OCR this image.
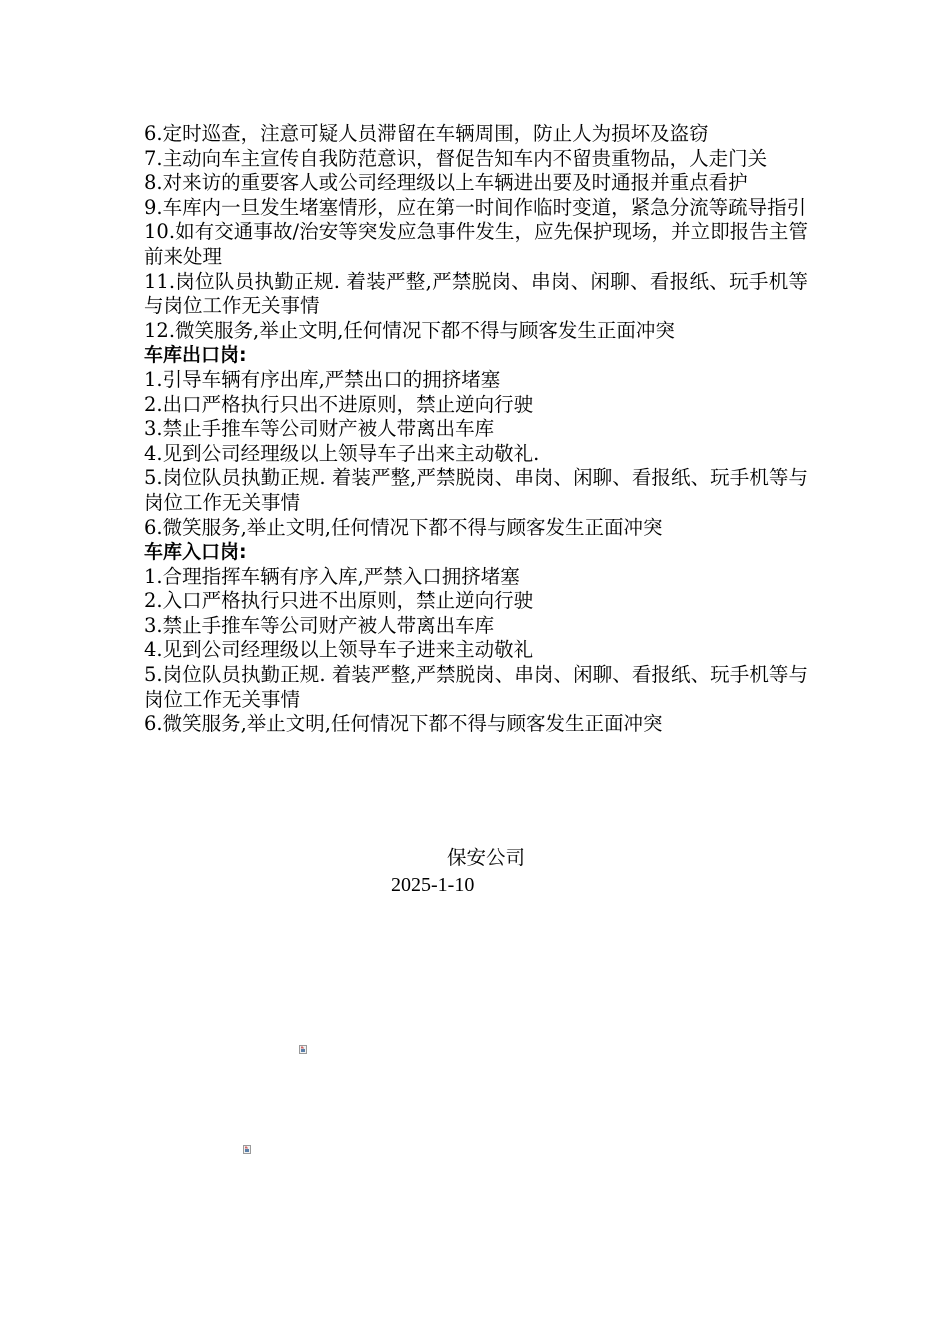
6.定时巡查，注意可疑人员滞留在车辆周围，防止人为损坏及盗窃

7.主动向车主宣传自我防范意识，督促告知车内不留贵重物品，人走门关

8.对来访的重要客人或公司经理级以上车辆进出要及时通报并重点看护

9.车库内一旦发生堵塞情形，应在第一时间作临时变道，紧急分流等疏导指引

10.如有交通事故/治安等突发应急事件发生，应先保护现场，并立即报告主管前来处理

11.岗位队员执勤正规. 着装严整,严禁脱岗、串岗、闲聊、看报纸、玩手机等与岗位工作无关事情

12.微笑服务,举止文明,任何情况下都不得与顾客发生正面冲突

车库出口岗:

1.引导车辆有序出库,严禁出口的拥挤堵塞

2.出口严格执行只出不进原则，禁止逆向行驶

3.禁止手推车等公司财产被人带离出车库

4.见到公司经理级以上领导车子出来主动敬礼.

5.岗位队员执勤正规. 着装严整,严禁脱岗、串岗、闲聊、看报纸、玩手机等与岗位工作无关事情

6.微笑服务,举止文明,任何情况下都不得与顾客发生正面冲突

车库入口岗:

1.合理指挥车辆有序入库,严禁入口拥挤堵塞

2.入口严格执行只进不出原则，禁止逆向行驶

3.禁止手推车等公司财产被人带离出车库

4.见到公司经理级以上领导车子进来主动敬礼

5.岗位队员执勤正规. 着装严整,严禁脱岗、串岗、闲聊、看报纸、玩手机等与岗位工作无关事情

6.微笑服务,举止文明,任何情况下都不得与顾客发生正面冲突

保安公司
2025-1-10
